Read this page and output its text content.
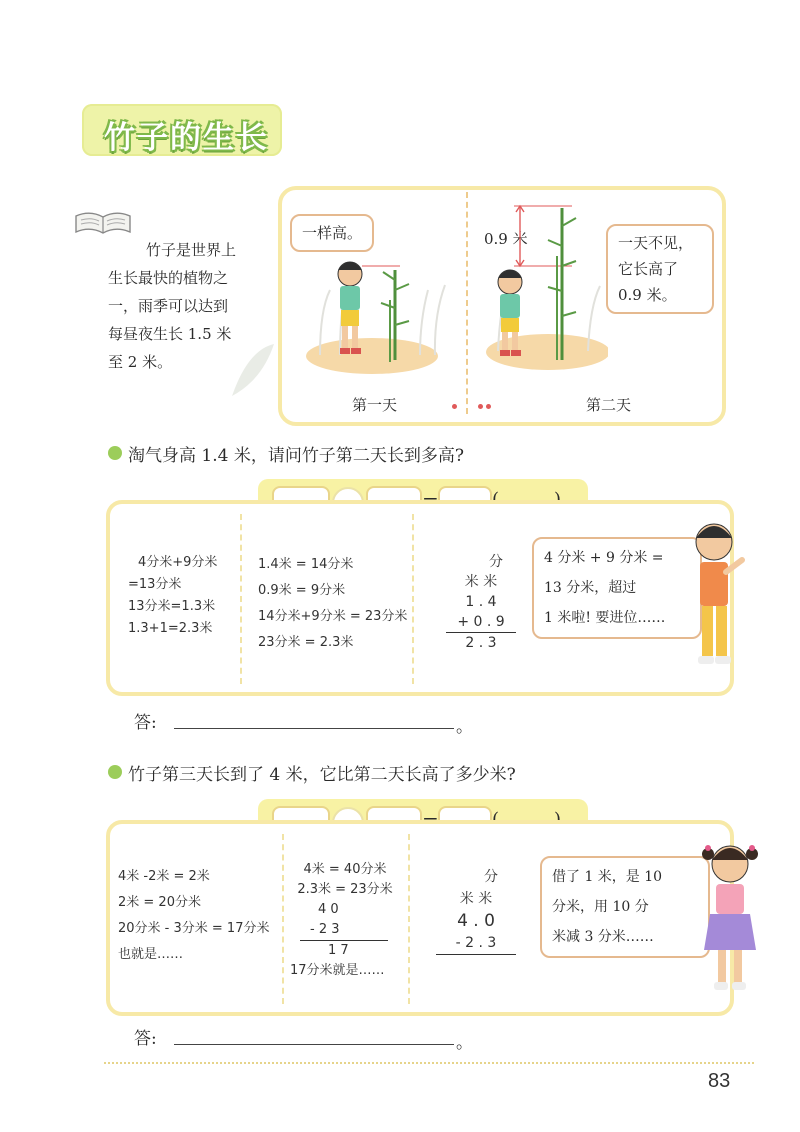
竹子的生长
竹子是世界上
生长最快的植物之
一，雨季可以达到
每昼夜生长 1.5 米
至 2 米。
一样高。
第一天
0.9 米	一天不见，
它长高了
0.9 米。
第二天
淘气身高 1.4 米，请问竹子第二天长到多高?
4分米+9分米
=13分米
13分米=1.3米
1.3+1=2.3米
1.4米 = 14分米
0.9米 = 9分米
14分米+9分米 = 23分米
23分米 = 2.3米
分
米 米
1 . 4
+ 0 . 9
2 . 3
4 分米 + 9 分米 =
13 分米，超过
1 米啦! 要进位……
答:	。
竹子第三天长到了 4 米，它比第二天长高了多少米?
4米 -2米 = 2米
2米 = 20分米
20分米 - 3分米 = 17分米
也就是……
4米 = 40分米
2.3米 = 23分米
4 0
- 2 3
1 7
17分米就是……
分
米 米
4 . 0
- 2 . 3
借了 1 米，是 10
分米，用 10 分
米减 3 分米……
答:	。
83
